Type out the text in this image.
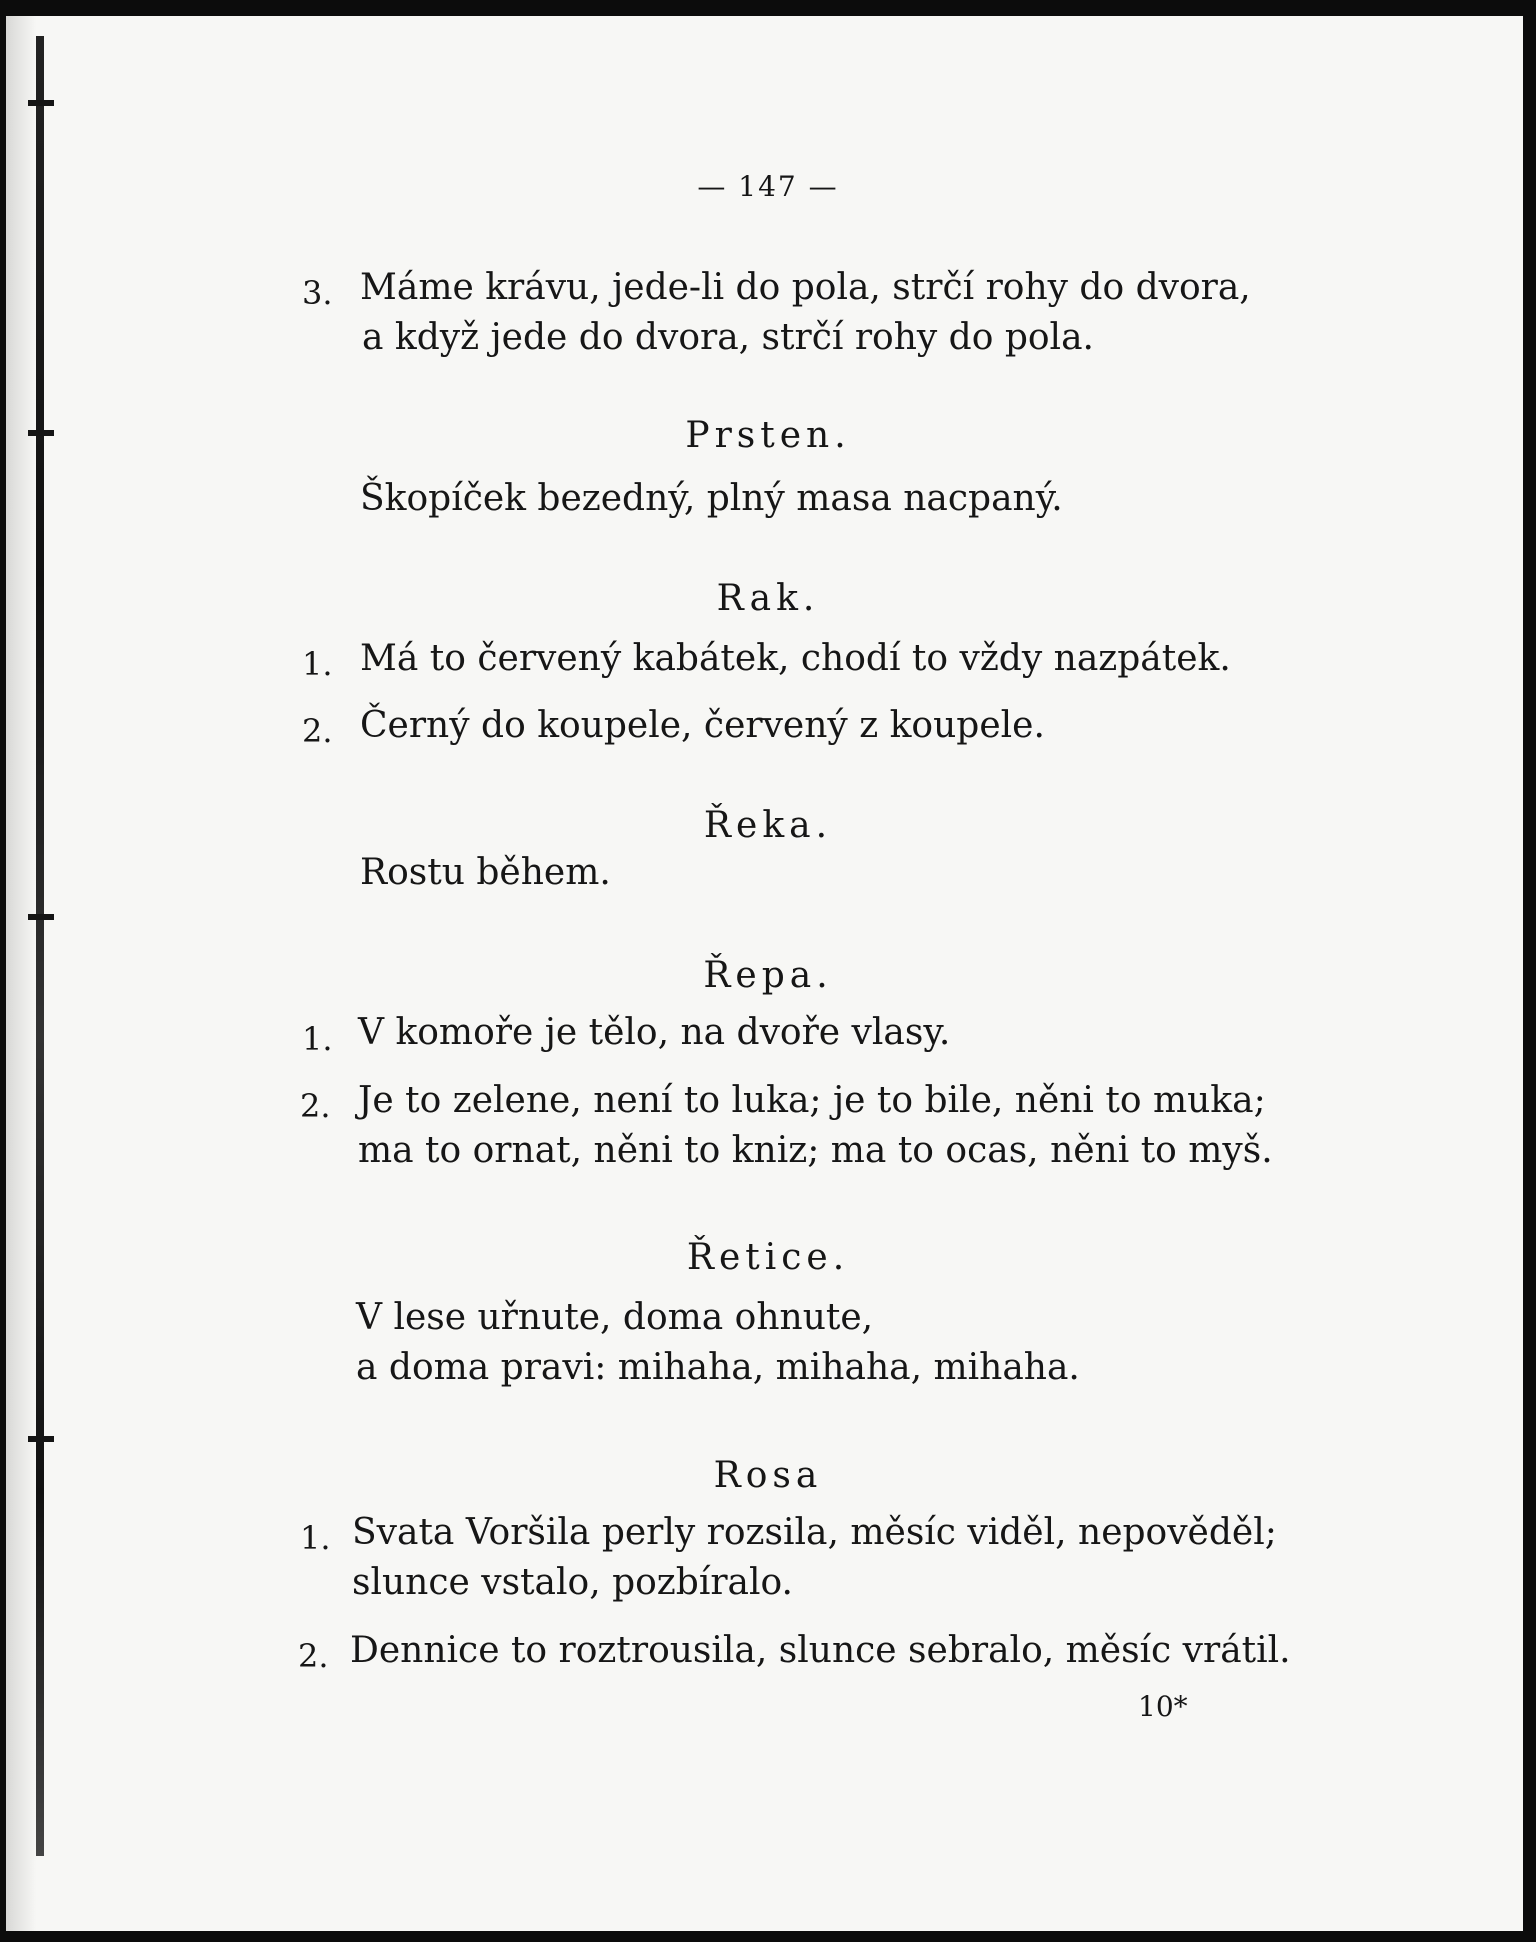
— 147 —
3. Máme krávu, jede-li do pola, strčí rohy do dvora,
a když jede do dvora, strčí rohy do pola.
Prsten.
Škopíček bezedný, plný masa nacpaný.
Rak.
1. Má to červený kabátek, chodí to vždy nazpátek.
2. Černý do koupele, červený z koupele.
Řeka.
Rostu během.
Řepa.
1. V komoře je tělo, na dvoře vlasy.
2. Je to zelene, není to luka; je to bile, něni to muka;
ma to ornat, něni to kniz; ma to ocas, něni to myš.
Řetice.
V lese uřnute, doma ohnute,
a doma pravi: mihaha, mihaha, mihaha.
Rosa
1. Svata Voršila perly rozsila, měsíc viděl, nepověděl;
slunce vstalo, pozbíralo.
2. Dennice to roztrousila, slunce sebralo, měsíc vrátil.
10*
